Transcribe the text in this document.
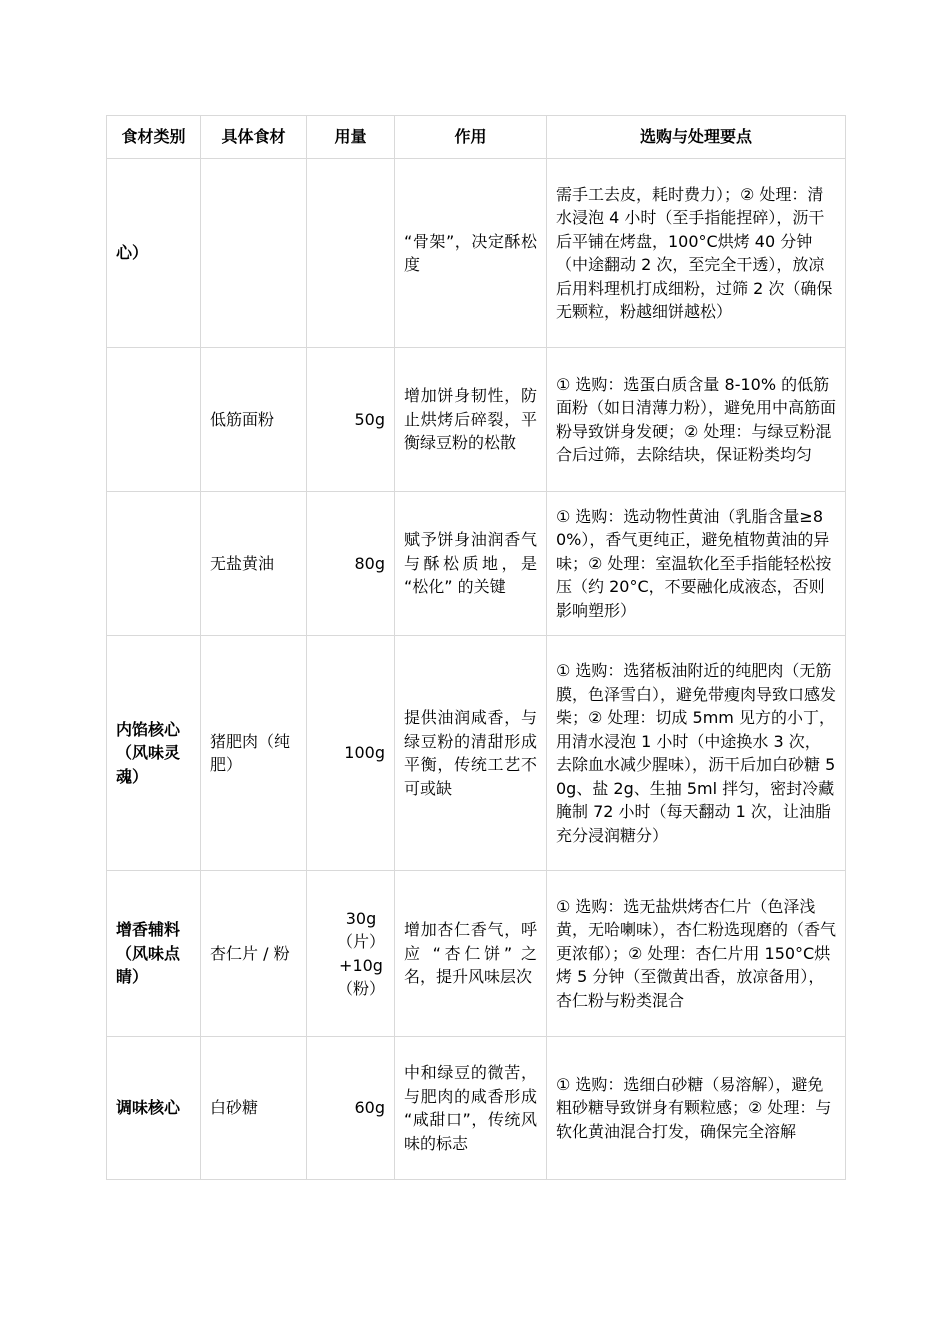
食材类别	具体食材	用量	作用	选购与处理要点
心）			“骨架”，决定酥松度	需手工去皮，耗时费力）；② 处理：清水浸泡 4 小时（至手指能捏碎），沥干后平铺在烤盘，100°C烘烤 40 分钟（中途翻动 2 次，至完全干透），放凉后用料理机打成细粉，过筛 2 次（确保无颗粒，粉越细饼越松）
	低筋面粉	50g	增加饼身韧性，防止烘烤后碎裂，平衡绿豆粉的松散	① 选购：选蛋白质含量 8-10% 的低筋面粉（如日清薄力粉），避免用中高筋面粉导致饼身发硬；② 处理：与绿豆粉混合后过筛，去除结块，保证粉类均匀
	无盐黄油	80g	赋予饼身油润香气与酥松质地，是 “松化” 的关键	① 选购：选动物性黄油（乳脂含量≥80%），香气更纯正，避免植物黄油的异味；② 处理：室温软化至手指能轻松按压（约 20°C，不要融化成液态，否则影响塑形）
内馅核心（风味灵魂）	猪肥肉（纯肥）	100g	提供油润咸香，与绿豆粉的清甜形成平衡，传统工艺不可或缺	① 选购：选猪板油附近的纯肥肉（无筋膜，色泽雪白），避免带瘦肉导致口感发柴；② 处理：切成 5mm 见方的小丁，用清水浸泡 1 小时（中途换水 3 次，去除血水减少腥味），沥干后加白砂糖 50g、盐 2g、生抽 5ml 拌匀，密封冷藏腌制 72 小时（每天翻动 1 次，让油脂充分浸润糖分）
增香辅料（风味点睛）	杏仁片 / 粉	30g
（片）
+10g
（粉）	增加杏仁香气，呼应 “杏仁饼” 之名，提升风味层次	① 选购：选无盐烘烤杏仁片（色泽浅黄，无哈喇味），杏仁粉选现磨的（香气更浓郁）；② 处理：杏仁片用 150°C烘烤 5 分钟（至微黄出香，放凉备用），杏仁粉与粉类混合
调味核心	白砂糖	60g	中和绿豆的微苦，与肥肉的咸香形成 “咸甜口”，传统风味的标志	① 选购：选细白砂糖（易溶解），避免粗砂糖导致饼身有颗粒感；② 处理：与软化黄油混合打发，确保完全溶解
